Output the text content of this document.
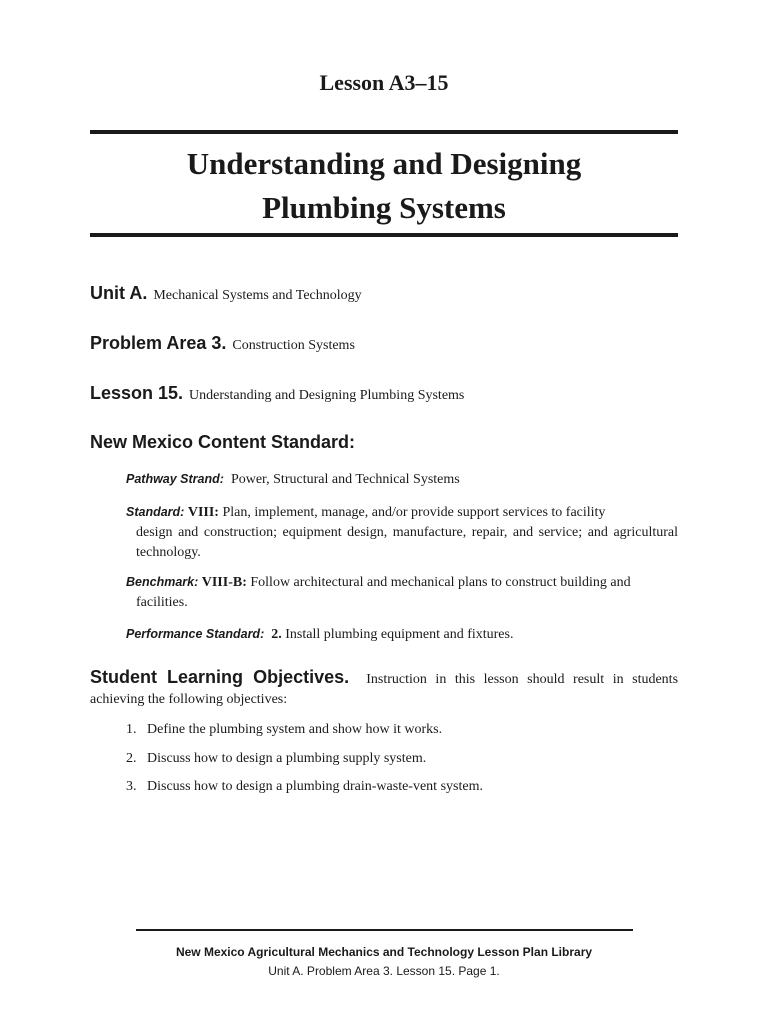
Lesson A3–15
Understanding and Designing
Plumbing Systems
Unit A. Mechanical Systems and Technology
Problem Area 3. Construction Systems
Lesson 15. Understanding and Designing Plumbing Systems
New Mexico Content Standard:
Pathway Strand: Power, Structural and Technical Systems
Standard: VIII: Plan, implement, manage, and/or provide support services to facility
design and construction; equipment design, manufacture, repair, and service; and agricultural technology.
Benchmark: VIII-B: Follow architectural and mechanical plans to construct building and
facilities.
Performance Standard: 2. Install plumbing equipment and fixtures.
Student Learning Objectives. Instruction in this lesson should result in students achieving the following objectives:
1. Define the plumbing system and show how it works.
2. Discuss how to design a plumbing supply system.
3. Discuss how to design a plumbing drain-waste-vent system.
New Mexico Agricultural Mechanics and Technology Lesson Plan Library
Unit A. Problem Area 3. Lesson 15. Page 1.
